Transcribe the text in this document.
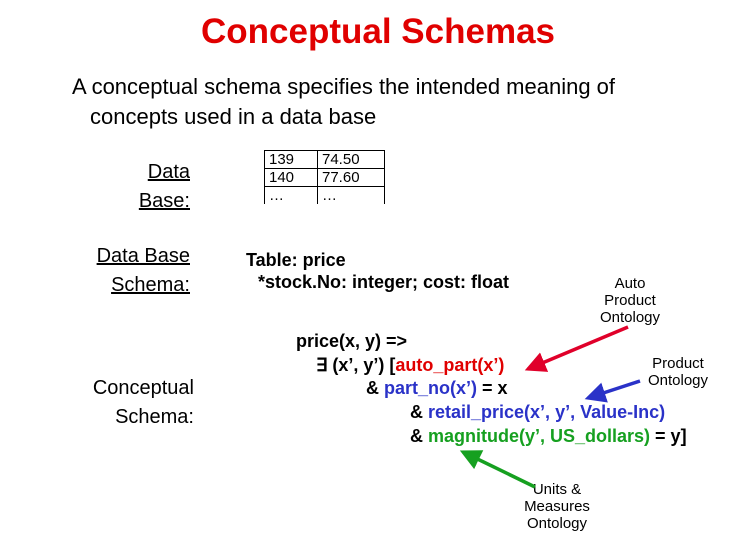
Conceptual Schemas
A conceptual schema specifies the intended meaning of
concepts used in a data base
Data
Base:
Data Base
Schema:
Conceptual
Schema:
139	74.50
140	77.60
…	…
Table: price
*stock.No: integer; cost: float
price(x, y) =>
∃ (x’, y’) [auto_part(x’)
& part_no(x’) = x
& retail_price(x’, y’, Value-Inc)
& magnitude(y’, US_dollars) = y]
Auto
Product
Ontology
Product
Ontology
Units &
Measures
Ontology
